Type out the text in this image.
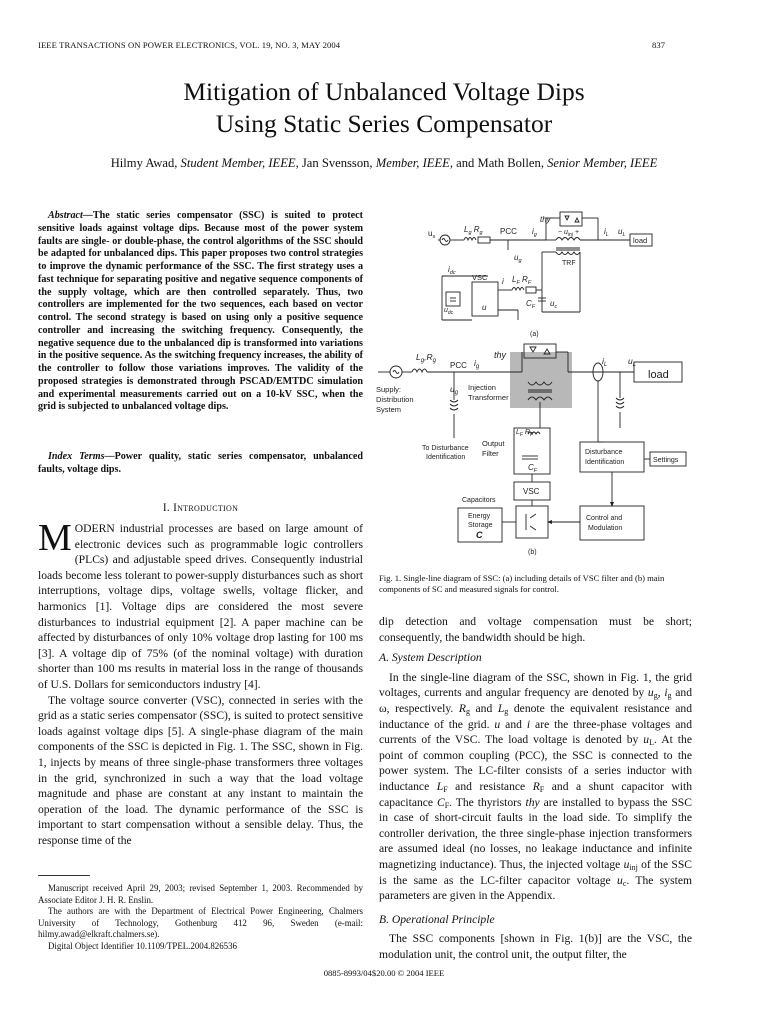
IEEE TRANSACTIONS ON POWER ELECTRONICS, VOL. 19, NO. 3, MAY 2004	837
Mitigation of Unbalanced Voltage Dips
Using Static Series Compensator
Hilmy Awad, Student Member, IEEE, Jan Svensson, Member, IEEE, and Math Bollen, Senior Member, IEEE
Abstract—The static series compensator (SSC) is suited to protect sensitive loads against voltage dips. Because most of the power system faults are single- or double-phase, the control algorithms of the SSC should be adapted for unbalanced dips. This paper proposes two control strategies to improve the dynamic performance of the SSC. The first strategy uses a fast technique for separating positive and negative sequence components of the supply voltage, which are then controlled separately. Thus, two controllers are implemented for the two sequences, each based on vector control. The second strategy is based on using only a positive sequence controller and increasing the switching frequency. Consequently, the negative sequence due to the unbalanced dip is transformed into variations in the positive sequence. As the switching frequency increases, the ability of the controller to follow those variations improves. The validity of the proposed strategies is demonstrated through PSCAD/EMTDC simulation and experimental measurements carried out on a 10-kV SSC, when the grid is subjected to unbalanced voltage dips.
Index Terms—Power quality, static series compensator, unbalanced faults, voltage dips.
I. Introduction

MODERN industrial processes are based on large amount of electronic devices such as programmable logic controllers (PLCs) and adjustable speed drives. Consequently industrial loads become less tolerant to power-supply disturbances such as short interruptions, voltage dips, voltage swells, voltage flicker, and harmonics [1]. Voltage dips are considered the most severe disturbances to industrial equipment [2]. A paper machine can be affected by disturbances of only 10% voltage drop lasting for 100 ms [3]. A voltage dip of 75% (of the nominal voltage) with duration shorter than 100 ms results in material loss in the range of thousands of U.S. Dollars for semiconductors industry [4].

The voltage source converter (VSC), connected in series with the grid as a static series compensator (SSC), is suited to protect sensitive loads against voltage dips [5]. A single-phase diagram of the main components of the SSC is depicted in Fig. 1. The SSC, shown in Fig. 1, injects by means of three single-phase transformers three voltages in the grid, synchronized in such a way that the load voltage magnitude and phase are constant at any instant to maintain the operation of the load. The dynamic performance of the SSC is important to start compensation without a sensible delay. Thus, the response time of the

Manuscript received April 29, 2003; revised September 1, 2003. Recommended by Associate Editor J. H. R. Enslin.

The authors are with the Department of Electrical Power Engineering, Chalmers University of Technology, Gothenburg 412 96, Sweden (e-mail: hilmy.awad@elkraft.chalmers.se).

Digital Object Identifier 10.1109/TPEL.2004.826536

$u_s$
$L_g$ $R_g$ PCC $i_g$
thy
− $u_{inj}$ +	$i_L$ $u_L$
load
TRF
$u_g$
$i_{dc}$ VSC i $L_F$ $R_F$
$u_{dc}$
u	$C_F$ $u_c$
(a)
$L_g,R_g$ PCC $i_g$
thy
$i_L$ $u_L$
load
Supply:
Distribution
System
$u_g$
Injection
Transformer
To Disturbance
Identification
Output
Filter
$L_F$ $R_F$
$C_F$
Disturbance
Identification	Settings
VSC
Capacitors
Energy
Storage
C
Control and
Modulation
(b)
Fig. 1. Single-line diagram of SSC: (a) including details of VSC filter and (b) main components of SC and measured signals for control.

dip detection and voltage compensation must be short; consequently, the bandwidth should be high.

A. System Description

In the single-line diagram of the SSC, shown in Fig. 1, the grid voltages, currents and angular frequency are denoted by $u_g$, $i_g$ and ω, respectively. $R_g$ and $L_g$ denote the equivalent resistance and inductance of the grid. u and i are the three-phase voltages and currents of the VSC. The load voltage is denoted by $u_L$. At the point of common coupling (PCC), the SSC is connected to the power system. The LC-filter consists of a series inductor with inductance $L_F$ and resistance $R_F$ and a shunt capacitor with capacitance $C_F$. The thyristors thy are installed to bypass the SSC in case of short-circuit faults in the load side. To simplify the controller derivation, the three single-phase injection transformers are assumed ideal (no losses, no leakage inductance and infinite magnetizing inductance). Thus, the injected voltage $u_{inj}$ of the SSC is the same as the LC-filter capacitor voltage $u_c$. The system parameters are given in the Appendix.

B. Operational Principle

The SSC components [shown in Fig. 1(b)] are the VSC, the modulation unit, the control unit, the output filter, the

0885-8993/04$20.00 © 2004 IEEE
